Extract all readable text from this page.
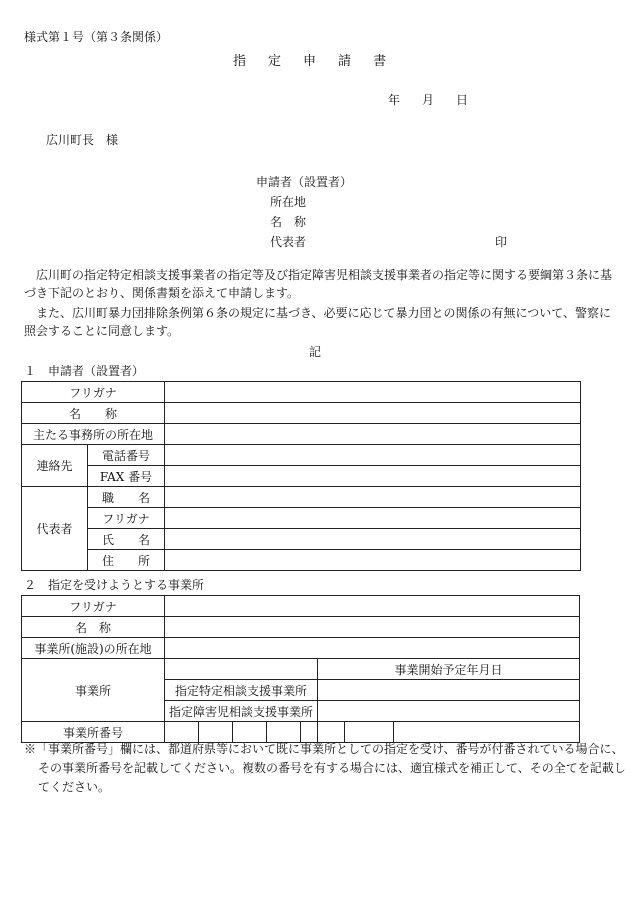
様式第１号（第３条関係）
指 定 申 請 書
年 月 日
広川町長　様
申請者（設置者）
所在地
名　称
代表者	印
広川町の指定特定相談支援事業者の指定等及び指定障害児相談支援事業者の指定等に関する要綱第３条に基づき下記のとおり、関係書類を添えて申請します。
また、広川町暴力団排除条例第６条の規定に基づき、必要に応じて暴力団との関係の有無について、警察に照会することに同意します。
記
１　申請者（設置者）
フリガナ		
名　　称		
主たる事務所の所在地		
連絡先	電話番号	
	FAX 番号	
代表者	職　　名	
	フリガナ	
	氏　　名	
	住　　所	
２　指定を受けようとする事業所
フリガナ								
名　称								
事業所(施設)の所在地								
事業所						事業開始予定年月日		
	指定特定相談支援事業所							
	指定障害児相談支援事業所							
事業所番号								
※「事業所番号」欄には、都道府県等において既に事業所としての指定を受け、番号が付番されている場合に、その事業所番号を記載してください。複数の番号を有する場合には、適宜様式を補正して、その全てを記載してください。
